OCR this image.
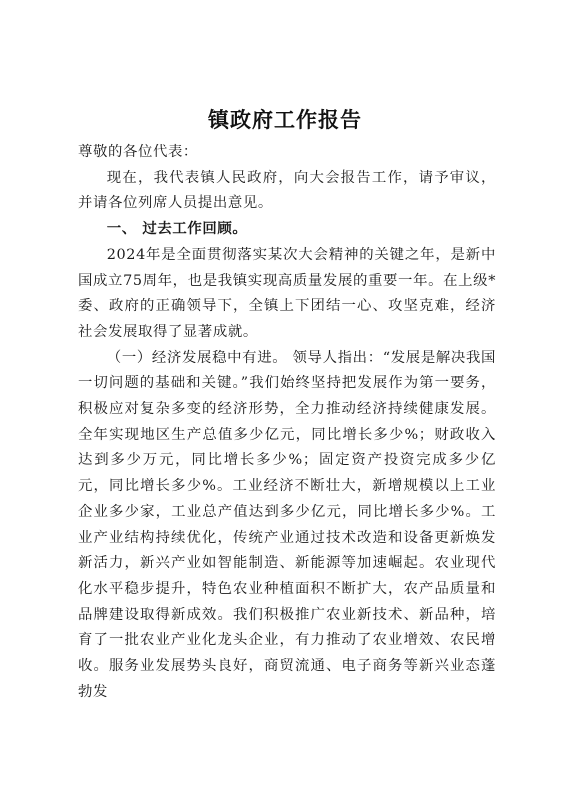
镇政府工作报告

尊敬的各位代表：

现在，我代表镇人民政府，向大会报告工作，请予审议，并请各位列席人员提出意见。

一、 过去工作回顾。

2024年是全面贯彻落实某次大会精神的关键之年，是新中国成立75周年，也是我镇实现高质量发展的重要一年。在上级*委、政府的正确领导下，全镇上下团结一心、攻坚克难，经济社会发展取得了显著成就。

（一）经济发展稳中有进。 领导人指出：“发展是解决我国一切问题的基础和关键。”我们始终坚持把发展作为第一要务，积极应对复杂多变的经济形势，全力推动经济持续健康发展。全年实现地区生产总值多少亿元，同比增长多少%；财政收入达到多少万元，同比增长多少%；固定资产投资完成多少亿元，同比增长多少%。工业经济不断壮大，新增规模以上工业企业多少家，工业总产值达到多少亿元，同比增长多少%。工业产业结构持续优化，传统产业通过技术改造和设备更新焕发新活力，新兴产业如智能制造、新能源等加速崛起。农业现代化水平稳步提升，特色农业种植面积不断扩大，农产品质量和品牌建设取得新成效。我们积极推广农业新技术、新品种，培育了一批农业产业化龙头企业，有力推动了农业增效、农民增收。服务业发展势头良好，商贸流通、电子商务等新兴业态蓬勃发
